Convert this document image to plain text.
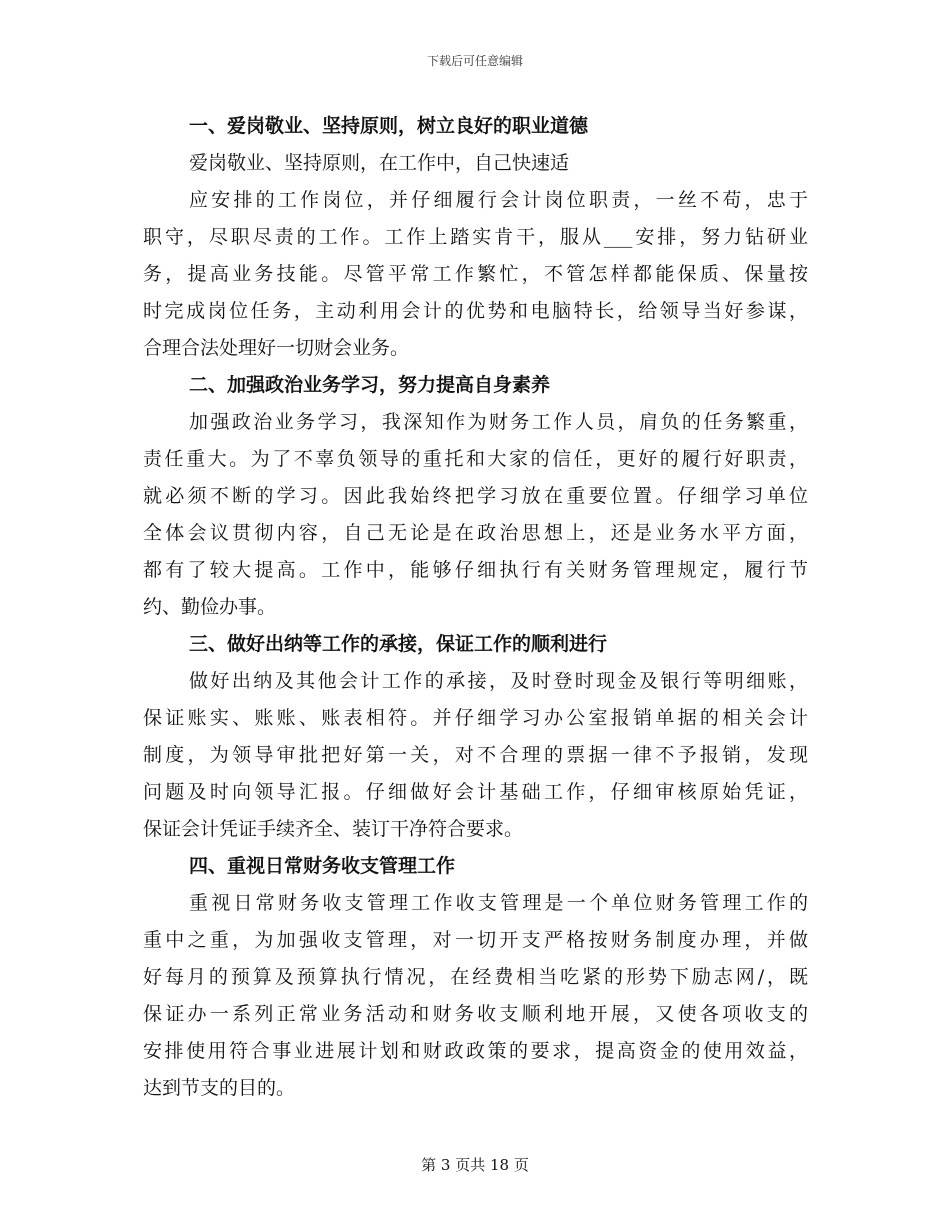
下载后可任意编辑
一、爱岗敬业、坚持原则，树立良好的职业道德
爱岗敬业、坚持原则，在工作中，自己快速适
应安排的工作岗位，并仔细履行会计岗位职责，一丝不苟，忠于
职守，尽职尽责的工作。工作上踏实肯干，服从___安排，努力钻研业
务，提高业务技能。尽管平常工作繁忙，不管怎样都能保质、保量按
时完成岗位任务，主动利用会计的优势和电脑特长，给领导当好参谋，
合理合法处理好一切财会业务。
二、加强政治业务学习，努力提高自身素养
加强政治业务学习，我深知作为财务工作人员，肩负的任务繁重，
责任重大。为了不辜负领导的重托和大家的信任，更好的履行好职责，
就必须不断的学习。因此我始终把学习放在重要位置。仔细学习单位
全体会议贯彻内容，自己无论是在政治思想上，还是业务水平方面，
都有了较大提高。工作中，能够仔细执行有关财务管理规定，履行节
约、勤俭办事。
三、做好出纳等工作的承接，保证工作的顺利进行
做好出纳及其他会计工作的承接，及时登时现金及银行等明细账，
保证账实、账账、账表相符。并仔细学习办公室报销单据的相关会计
制度，为领导审批把好第一关，对不合理的票据一律不予报销，发现
问题及时向领导汇报。仔细做好会计基础工作，仔细审核原始凭证，
保证会计凭证手续齐全、装订干净符合要求。
四、重视日常财务收支管理工作
重视日常财务收支管理工作收支管理是一个单位财务管理工作的
重中之重，为加强收支管理，对一切开支严格按财务制度办理，并做
好每月的预算及预算执行情况，在经费相当吃紧的形势下励志网/，既
保证办一系列正常业务活动和财务收支顺利地开展，又使各项收支的
安排使用符合事业进展计划和财政政策的要求，提高资金的使用效益，
达到节支的目的。
第 3 页共 18 页
